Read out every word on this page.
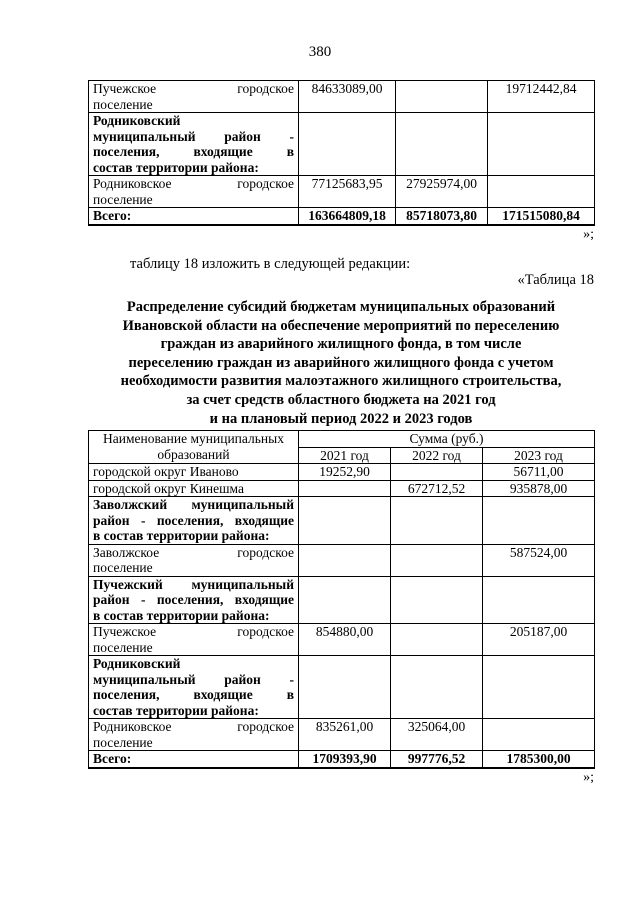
380
Пучежское городское
поселение	84633089,00		19712442,84

Родниковский
муниципальный район -
поселения, входящие в
состав территории района:			

Родниковское городское
поселение	77125683,95	27925974,00	
Всего:	163664809,18	85718073,80	171515080,84
»;
таблицу 18 изложить в следующей редакции:
«Таблица 18
Распределение субсидий бюджетам муниципальных образований
Ивановской области на обеспечение мероприятий по переселению
граждан из аварийного жилищного фонда, в том числе
переселению граждан из аварийного жилищного фонда с учетом
необходимости развития малоэтажного жилищного строительства,
за счет средств областного бюджета на 2021 год
и на плановый период 2022 и 2023 годов
Наименование муниципальных
образований	Сумма (руб.)		
	2021 год	2022 год	2023 год

городской округ Иваново	19252,90		56711,00

городской округ Кинешма		672712,52	935878,00

Заволжский муниципальный
район - поселения, входящие
в состав территории района:			

Заволжское городское
поселение			587524,00

Пучежский муниципальный
район - поселения, входящие
в состав территории района:			

Пучежское городское
поселение	854880,00		205187,00

Родниковский
муниципальный район -
поселения, входящие в
состав территории района:			

Родниковское городское
поселение	835261,00	325064,00	
Всего:	1709393,90	997776,52	1785300,00
»;
